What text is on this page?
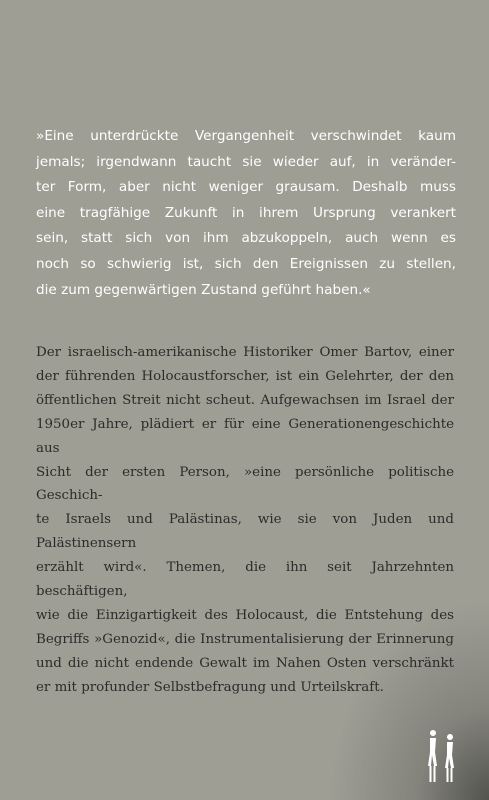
»Eine unterdrückte Vergangenheit verschwindet kaum
jemals; irgendwann taucht sie wieder auf, in veränder-
ter Form, aber nicht weniger grausam. Deshalb muss
eine tragfähige Zukunft in ihrem Ursprung verankert
sein, statt sich von ihm abzukoppeln, auch wenn es
noch so schwierig ist, sich den Ereignissen zu stellen,
die zum gegenwärtigen Zustand geführt haben.«
Der israelisch-amerikanische Historiker Omer Bartov, einer
der führenden Holocaustforscher, ist ein Gelehrter, der den
öffentlichen Streit nicht scheut. Aufgewachsen im Israel der
1950er Jahre, plädiert er für eine Generationengeschichte aus
Sicht der ersten Person, »eine persönliche politische Geschich-
te Israels und Palästinas, wie sie von Juden und Palästinensern
erzählt wird«. Themen, die ihn seit Jahrzehnten beschäftigen,
wie die Einzigartigkeit des Holocaust, die Entstehung des
Begriffs »Genozid«, die Instrumentalisierung der Erinnerung
und die nicht endende Gewalt im Nahen Osten verschränkt
er mit profunder Selbstbefragung und Urteilskraft.
